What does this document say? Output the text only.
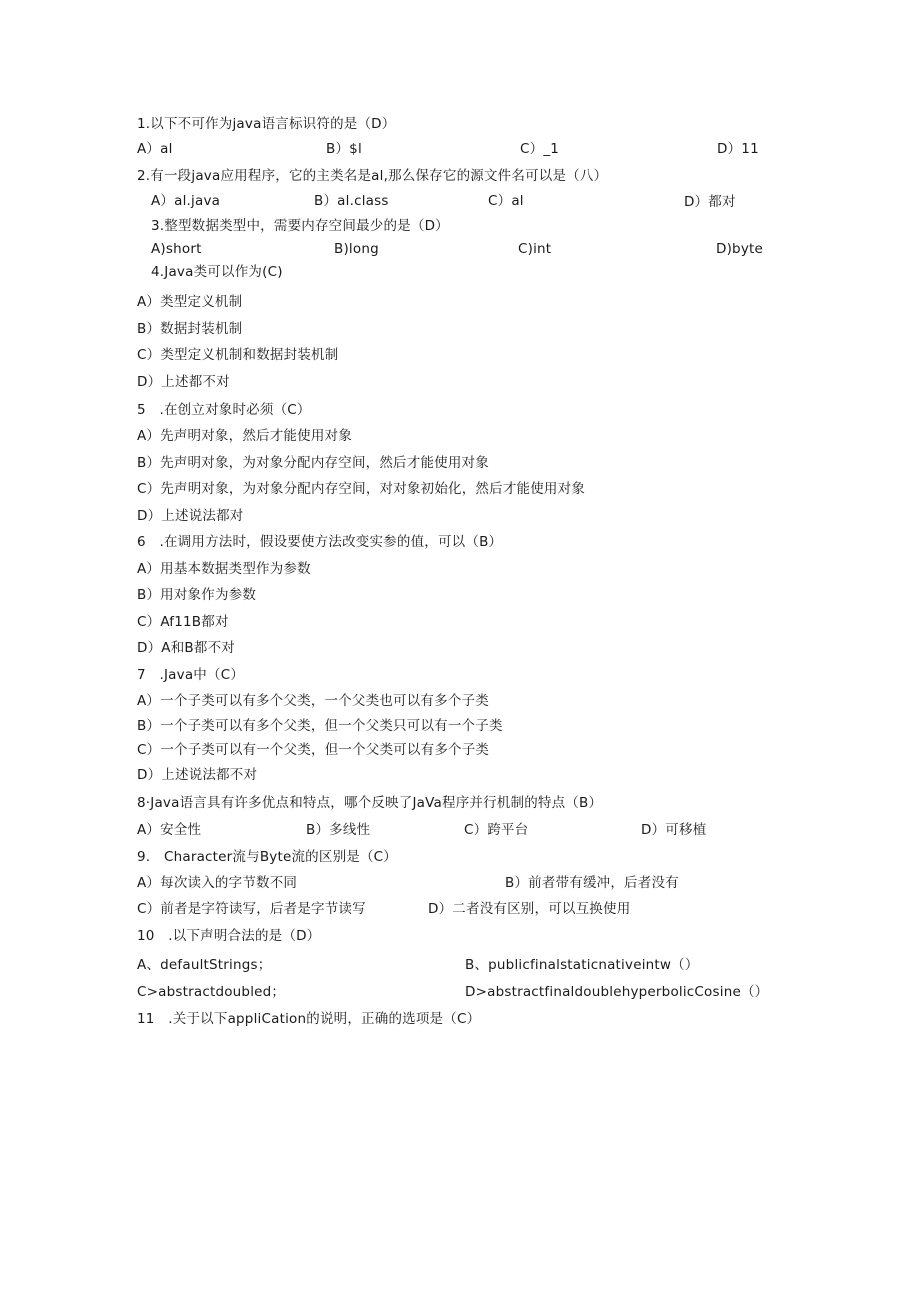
1.以下不可作为java语言标识符的是（D）
A）al	B）$l	C）_1	D）11
2.有一段java应用程序，它的主类名是al,那么保存它的源文件名可以是（八）
A）al.java	B）al.class	C）al	D）都对
3.整型数据类型中，需要内存空间最少的是（D）
A)short	B)long	C)int	D)byte
4.Java类可以作为(C)
A）类型定义机制
B）数据封装机制
C）类型定义机制和数据封装机制
D）上述都不对
5　.在创立对象时必须（C）
A）先声明对象，然后才能使用对象
B）先声明对象，为对象分配内存空间，然后才能使用对象
C）先声明对象，为对象分配内存空间，对对象初始化，然后才能使用对象
D）上述说法都对
6　.在调用方法时，假设要使方法改变实参的值，可以（B）
A）用基本数据类型作为参数
B）用对象作为参数
C）Af11B都对
D）A和B都不对
7　.Java中（C）
A）一个子类可以有多个父类，一个父类也可以有多个子类
B）一个子类可以有多个父类，但一个父类只可以有一个子类
C）一个子类可以有一个父类，但一个父类可以有多个子类
D）上述说法都不对
8·Java语言具有许多优点和特点，哪个反映了JaVa程序并行机制的特点（B）
A）安全性	B）多线性	C）跨平台	D）可移植
9.　Character流与Byte流的区别是（C）
A）每次读入的字节数不同	B）前者带有缓冲，后者没有
C）前者是字符读写，后者是字节读写	D）二者没有区别，可以互换使用
10　.以下声明合法的是（D）
A、defaultStrings；	B、publicfinalstaticnativeintw（）
C>abstractdoubled；	D>abstractfinaldoublehyperbolicCosine（）
11　.关于以下appliCation的说明，正确的选项是（C）
